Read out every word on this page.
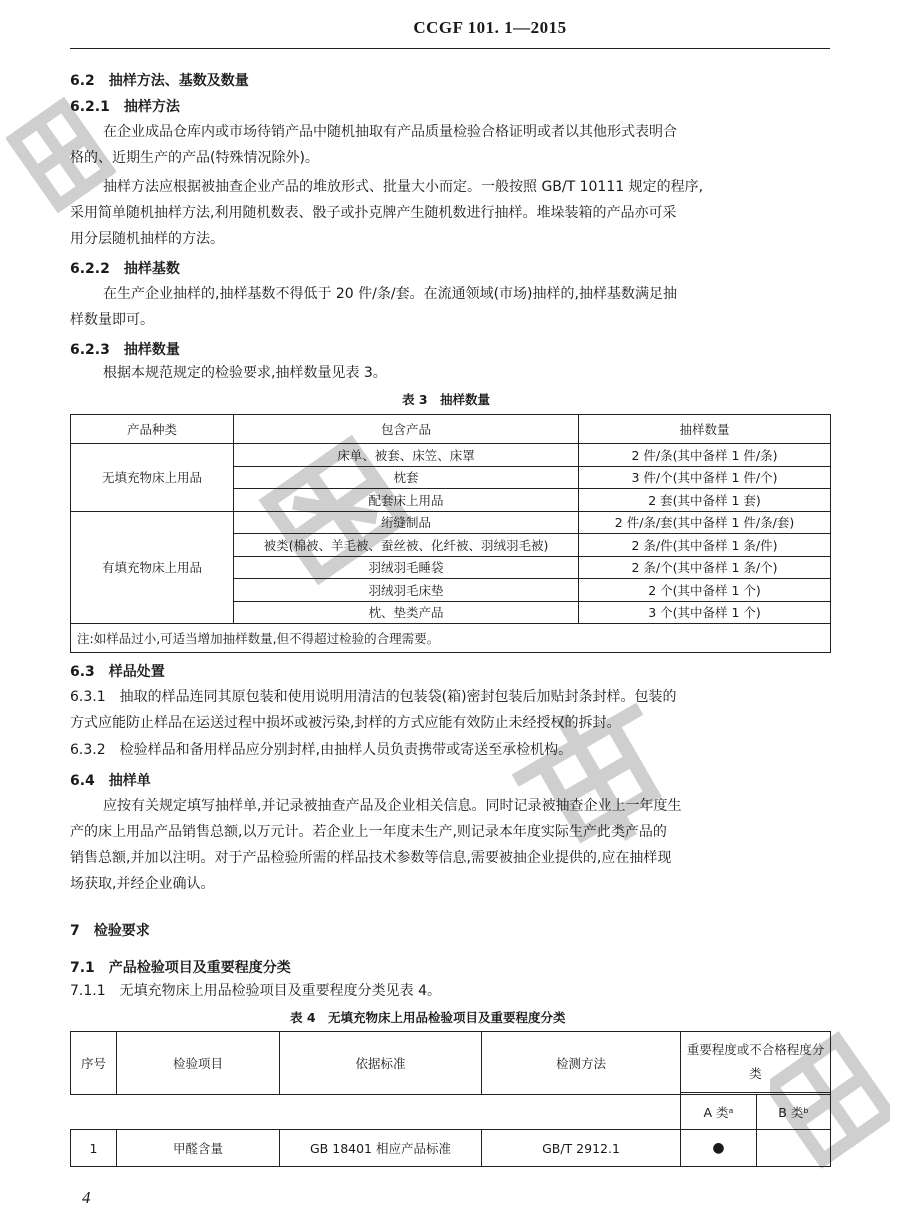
CCGF 101. 1—2015
6.2　抽样方法、基数及数量
6.2.1　抽样方法
在企业成品仓库内或市场待销产品中随机抽取有产品质量检验合格证明或者以其他形式表明合
格的、近期生产的产品(特殊情况除外)。
抽样方法应根据被抽查企业产品的堆放形式、批量大小而定。一般按照 GB/T 10111 规定的程序,
采用简单随机抽样方法,利用随机数表、骰子或扑克牌产生随机数进行抽样。堆垛装箱的产品亦可采
用分层随机抽样的方法。
6.2.2　抽样基数
在生产企业抽样的,抽样基数不得低于 20 件/条/套。在流通领域(市场)抽样的,抽样基数满足抽
样数量即可。
6.2.3　抽样数量
根据本规范规定的检验要求,抽样数量见表 3。
表 3　抽样数量
产品种类	包含产品	抽样数量
无填充物床上用品	床单、被套、床笠、床罩	2 件/条(其中备样 1 件/条)
	枕套	3 件/个(其中备样 1 件/个)
	配套床上用品	2 套(其中备样 1 套)
有填充物床上用品	绗缝制品	2 件/条/套(其中备样 1 件/条/套)
	被类(棉被、羊毛被、蚕丝被、化纤被、羽绒羽毛被)	2 条/件(其中备样 1 条/件)
	羽绒羽毛睡袋	2 条/个(其中备样 1 条/个)
	羽绒羽毛床垫	2 个(其中备样 1 个)
	枕、垫类产品	3 个(其中备样 1 个)
注:如样品过小,可适当增加抽样数量,但不得超过检验的合理需要。		
6.3　样品处置
6.3.1　抽取的样品连同其原包装和使用说明用清洁的包装袋(箱)密封包装后加贴封条封样。包装的
方式应能防止样品在运送过程中损坏或被污染,封样的方式应能有效防止未经授权的拆封。
6.3.2　检验样品和备用样品应分别封样,由抽样人员负责携带或寄送至承检机构。
6.4　抽样单
应按有关规定填写抽样单,并记录被抽查产品及企业相关信息。同时记录被抽查企业上一年度生
产的床上用品产品销售总额,以万元计。若企业上一年度未生产,则记录本年度实际生产此类产品的
销售总额,并加以注明。对于产品检验所需的样品技术参数等信息,需要被抽企业提供的,应在抽样现
场获取,并经企业确认。
7　检验要求
7.1　产品检验项目及重要程度分类
7.1.1　无填充物床上用品检验项目及重要程度分类见表 4。
表 4　无填充物床上用品检验项目及重要程度分类
序号	检验项目	依据标准	检测方法	重要程度或不合格程度分类	

				A 类ᵃ	B 类ᵇ
1	甲醛含量	GB 18401 相应产品标准	GB/T 2912.1	●	
4
